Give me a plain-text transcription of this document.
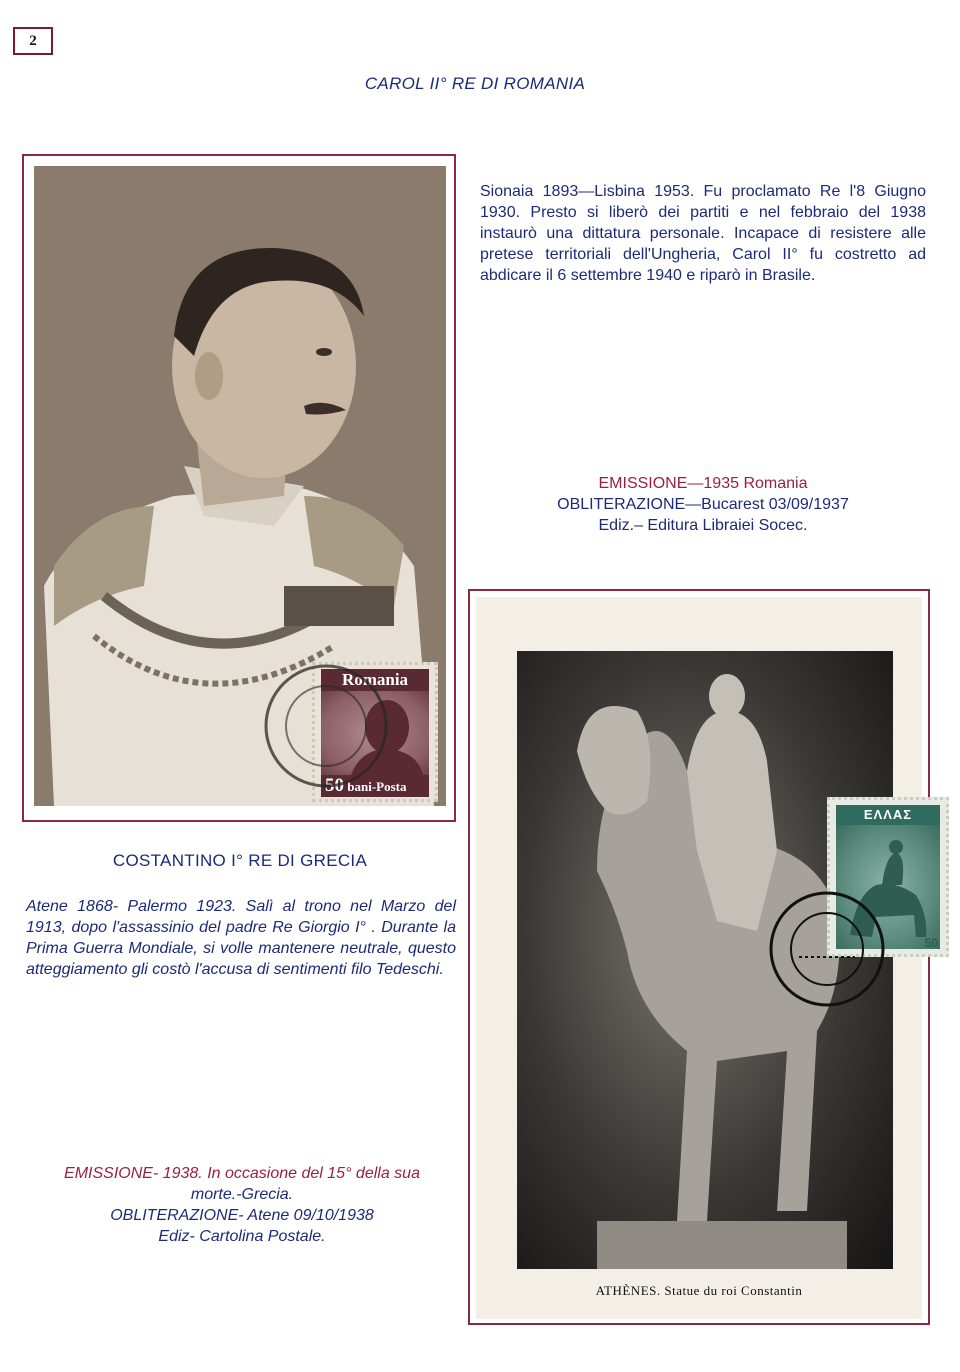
2
CAROL II° RE DI ROMANIA
Romania
50 bani-Posta

Sionaia 1893—Lisbina 1953. Fu proclamato Re l'8 Giugno 1930. Presto si liberò dei partiti e nel febbraio del 1938 instaurò una dittatura personale. Incapace di resistere alle pretese territoriali dell'Ungheria, Carol II° fu costretto ad abdicare il 6 settembre 1940 e riparò in Brasile.

EMISSIONE—1935 Romania
OBLITERAZIONE—Bucarest 03/09/1937
Ediz.– Editura Libraiei Socec.
COSTANTINO I° RE DI GRECIA

Atene 1868- Palermo 1923. Salì al trono nel Marzo del 1913, dopo l'assassinio del padre Re Giorgio I° . Durante la Prima Guerra Mondiale, si volle mantenere neutrale, questo atteggiamento gli costò l'accusa di sentimenti filo Tedeschi.

EMISSIONE- 1938. In occasione del 15° della sua
morte.-Grecia.
OBLITERAZIONE- Atene 09/10/1938
Ediz- Cartolina Postale.
ΕΛΛΑΣ
50
ATHÈNES. Statue du roi Constantin
